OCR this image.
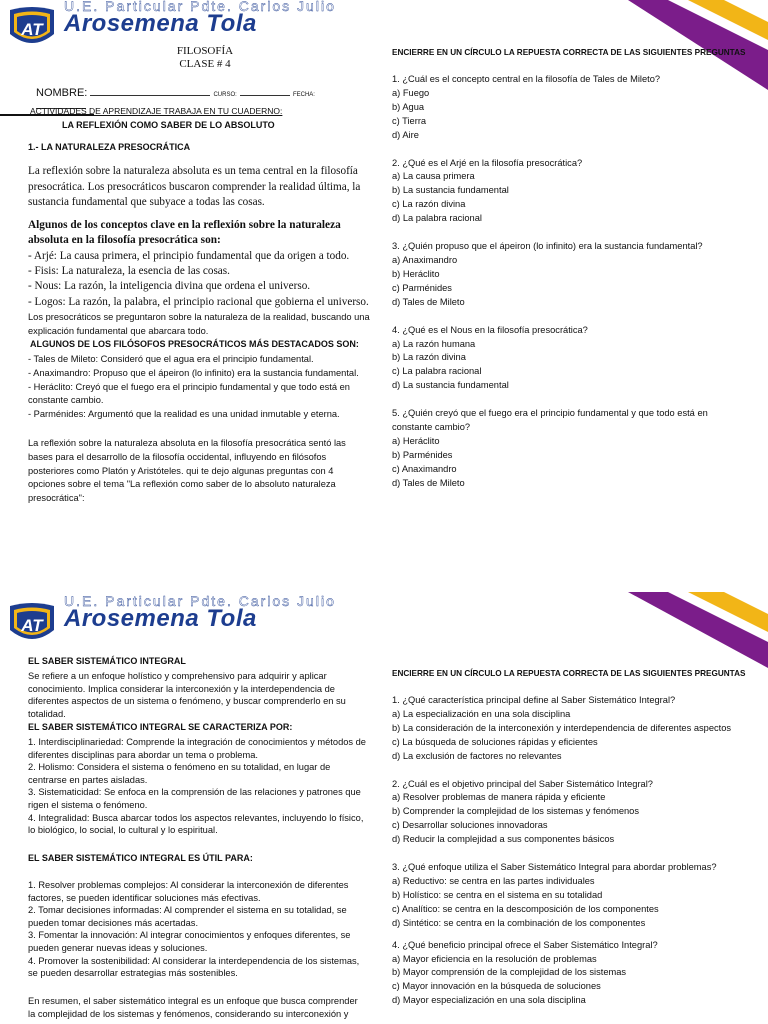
AT
U.E. Particular Pdte. Carlos Julio
Arosemena Tola
FILOSOFÍA
CLASE # 4
NOMBRE:	CURSO:	FECHA:
ACTIVIDADES DE APRENDIZAJE TRABAJA EN TU CUADERNO:
LA REFLEXIÓN COMO SABER DE LO ABSOLUTO
1.- LA NATURALEZA PRESOCRÁTICA
La reflexión sobre la naturaleza absoluta es un tema central en la filosofía presocrática. Los presocráticos buscaron comprender la realidad última, la sustancia fundamental que subyace a todas las cosas.
Algunos de los conceptos clave en la reflexión sobre la naturaleza absoluta en la filosofía presocrática son:

- Arjé: La causa primera, el principio fundamental que da origen a todo.

- Fisis: La naturaleza, la esencia de las cosas.

- Nous: La razón, la inteligencia divina que ordena el universo.

- Logos: La razón, la palabra, el principio racional que gobierna el universo.

Los presocráticos se preguntaron sobre la naturaleza de la realidad, buscando una explicación fundamental que abarcara todo.
ALGUNOS DE LOS FILÓSOFOS PRESOCRÁTICOS MÁS DESTACADOS SON:

- Tales de Mileto: Consideró que el agua era el principio fundamental.

- Anaximandro: Propuso que el ápeiron (lo infinito) era la sustancia fundamental.

- Heráclito: Creyó que el fuego era el principio fundamental y que todo está en constante cambio.

- Parménides: Argumentó que la realidad es una unidad inmutable y eterna.

La reflexión sobre la naturaleza absoluta en la filosofía presocrática sentó las bases para el desarrollo de la filosofía occidental, influyendo en filósofos posteriores como Platón y Aristóteles. qui te dejo algunas preguntas con 4 opciones sobre el tema "La reflexión como saber de lo absoluto naturaleza presocrática":
ENCIERRE EN UN CÍRCULO LA REPUESTA CORRECTA DE LAS SIGUIENTES PREGUNTAS

1. ¿Cuál es el concepto central en la filosofía de Tales de Mileto?

a) Fuego

b) Agua

c) Tierra

d) Aire

2. ¿Qué es el Arjé en la filosofía presocrática?

a) La causa primera

b) La sustancia fundamental

c) La razón divina

d) La palabra racional

3. ¿Quién propuso que el ápeiron (lo infinito) era la sustancia fundamental?

a) Anaximandro

b) Heráclito

c) Parménides

d) Tales de Mileto

4. ¿Qué es el Nous en la filosofía presocrática?

a) La razón humana

b) La razón divina

c) La palabra racional

d) La sustancia fundamental

5. ¿Quién creyó que el fuego era el principio fundamental y que todo está en constante cambio?

a) Heráclito

b) Parménides

c) Anaximandro

d) Tales de Mileto

AT
U.E. Particular Pdte. Carlos Julio
Arosemena Tola
EL SABER SISTEMÁTICO INTEGRAL
Se refiere a un enfoque holístico y comprehensivo para adquirir y aplicar conocimiento. Implica considerar la interconexión y la interdependencia de diferentes aspectos de un sistema o fenómeno, y buscar comprenderlo en su totalidad.
EL SABER SISTEMÁTICO INTEGRAL SE CARACTERIZA POR:

1. Interdisciplinariedad: Comprende la integración de conocimientos y métodos de diferentes disciplinas para abordar un tema o problema.

2. Holismo: Considera el sistema o fenómeno en su totalidad, en lugar de centrarse en partes aisladas.

3. Sistematicidad: Se enfoca en la comprensión de las relaciones y patrones que rigen el sistema o fenómeno.

4. Integralidad: Busca abarcar todos los aspectos relevantes, incluyendo lo físico, lo biológico, lo social, lo cultural y lo espiritual.

EL SABER SISTEMÁTICO INTEGRAL ES ÚTIL PARA:

1. Resolver problemas complejos: Al considerar la interconexión de diferentes factores, se pueden identificar soluciones más efectivas.

2. Tomar decisiones informadas: Al comprender el sistema en su totalidad, se pueden tomar decisiones más acertadas.

3. Fomentar la innovación: Al integrar conocimientos y enfoques diferentes, se pueden generar nuevas ideas y soluciones.

4. Promover la sostenibilidad: Al considerar la interdependencia de los sistemas, se pueden desarrollar estrategias más sostenibles.

En resumen, el saber sistemático integral es un enfoque que busca comprender la complejidad de los sistemas y fenómenos, considerando su interconexión y
ENCIERRE EN UN CÍRCULO LA REPUESTA CORRECTA DE LAS SIGUIENTES PREGUNTAS

1. ¿Qué característica principal define al Saber Sistemático Integral?

a) La especialización en una sola disciplina

b) La consideración de la interconexión y interdependencia de diferentes aspectos

c) La búsqueda de soluciones rápidas y eficientes

d) La exclusión de factores no relevantes

2. ¿Cuál es el objetivo principal del Saber Sistemático Integral?

a) Resolver problemas de manera rápida y eficiente

b) Comprender la complejidad de los sistemas y fenómenos

c) Desarrollar soluciones innovadoras

d) Reducir la complejidad a sus componentes básicos

3. ¿Qué enfoque utiliza el Saber Sistemático Integral para abordar problemas?

a) Reductivo: se centra en las partes individuales

b) Holístico: se centra en el sistema en su totalidad

c) Analítico: se centra en la descomposición de los componentes

d) Sintético: se centra en la combinación de los componentes

4. ¿Qué beneficio principal ofrece el Saber Sistemático Integral?

a) Mayor eficiencia en la resolución de problemas

b) Mayor comprensión de la complejidad de los sistemas

c) Mayor innovación en la búsqueda de soluciones

d) Mayor especialización en una sola disciplina
